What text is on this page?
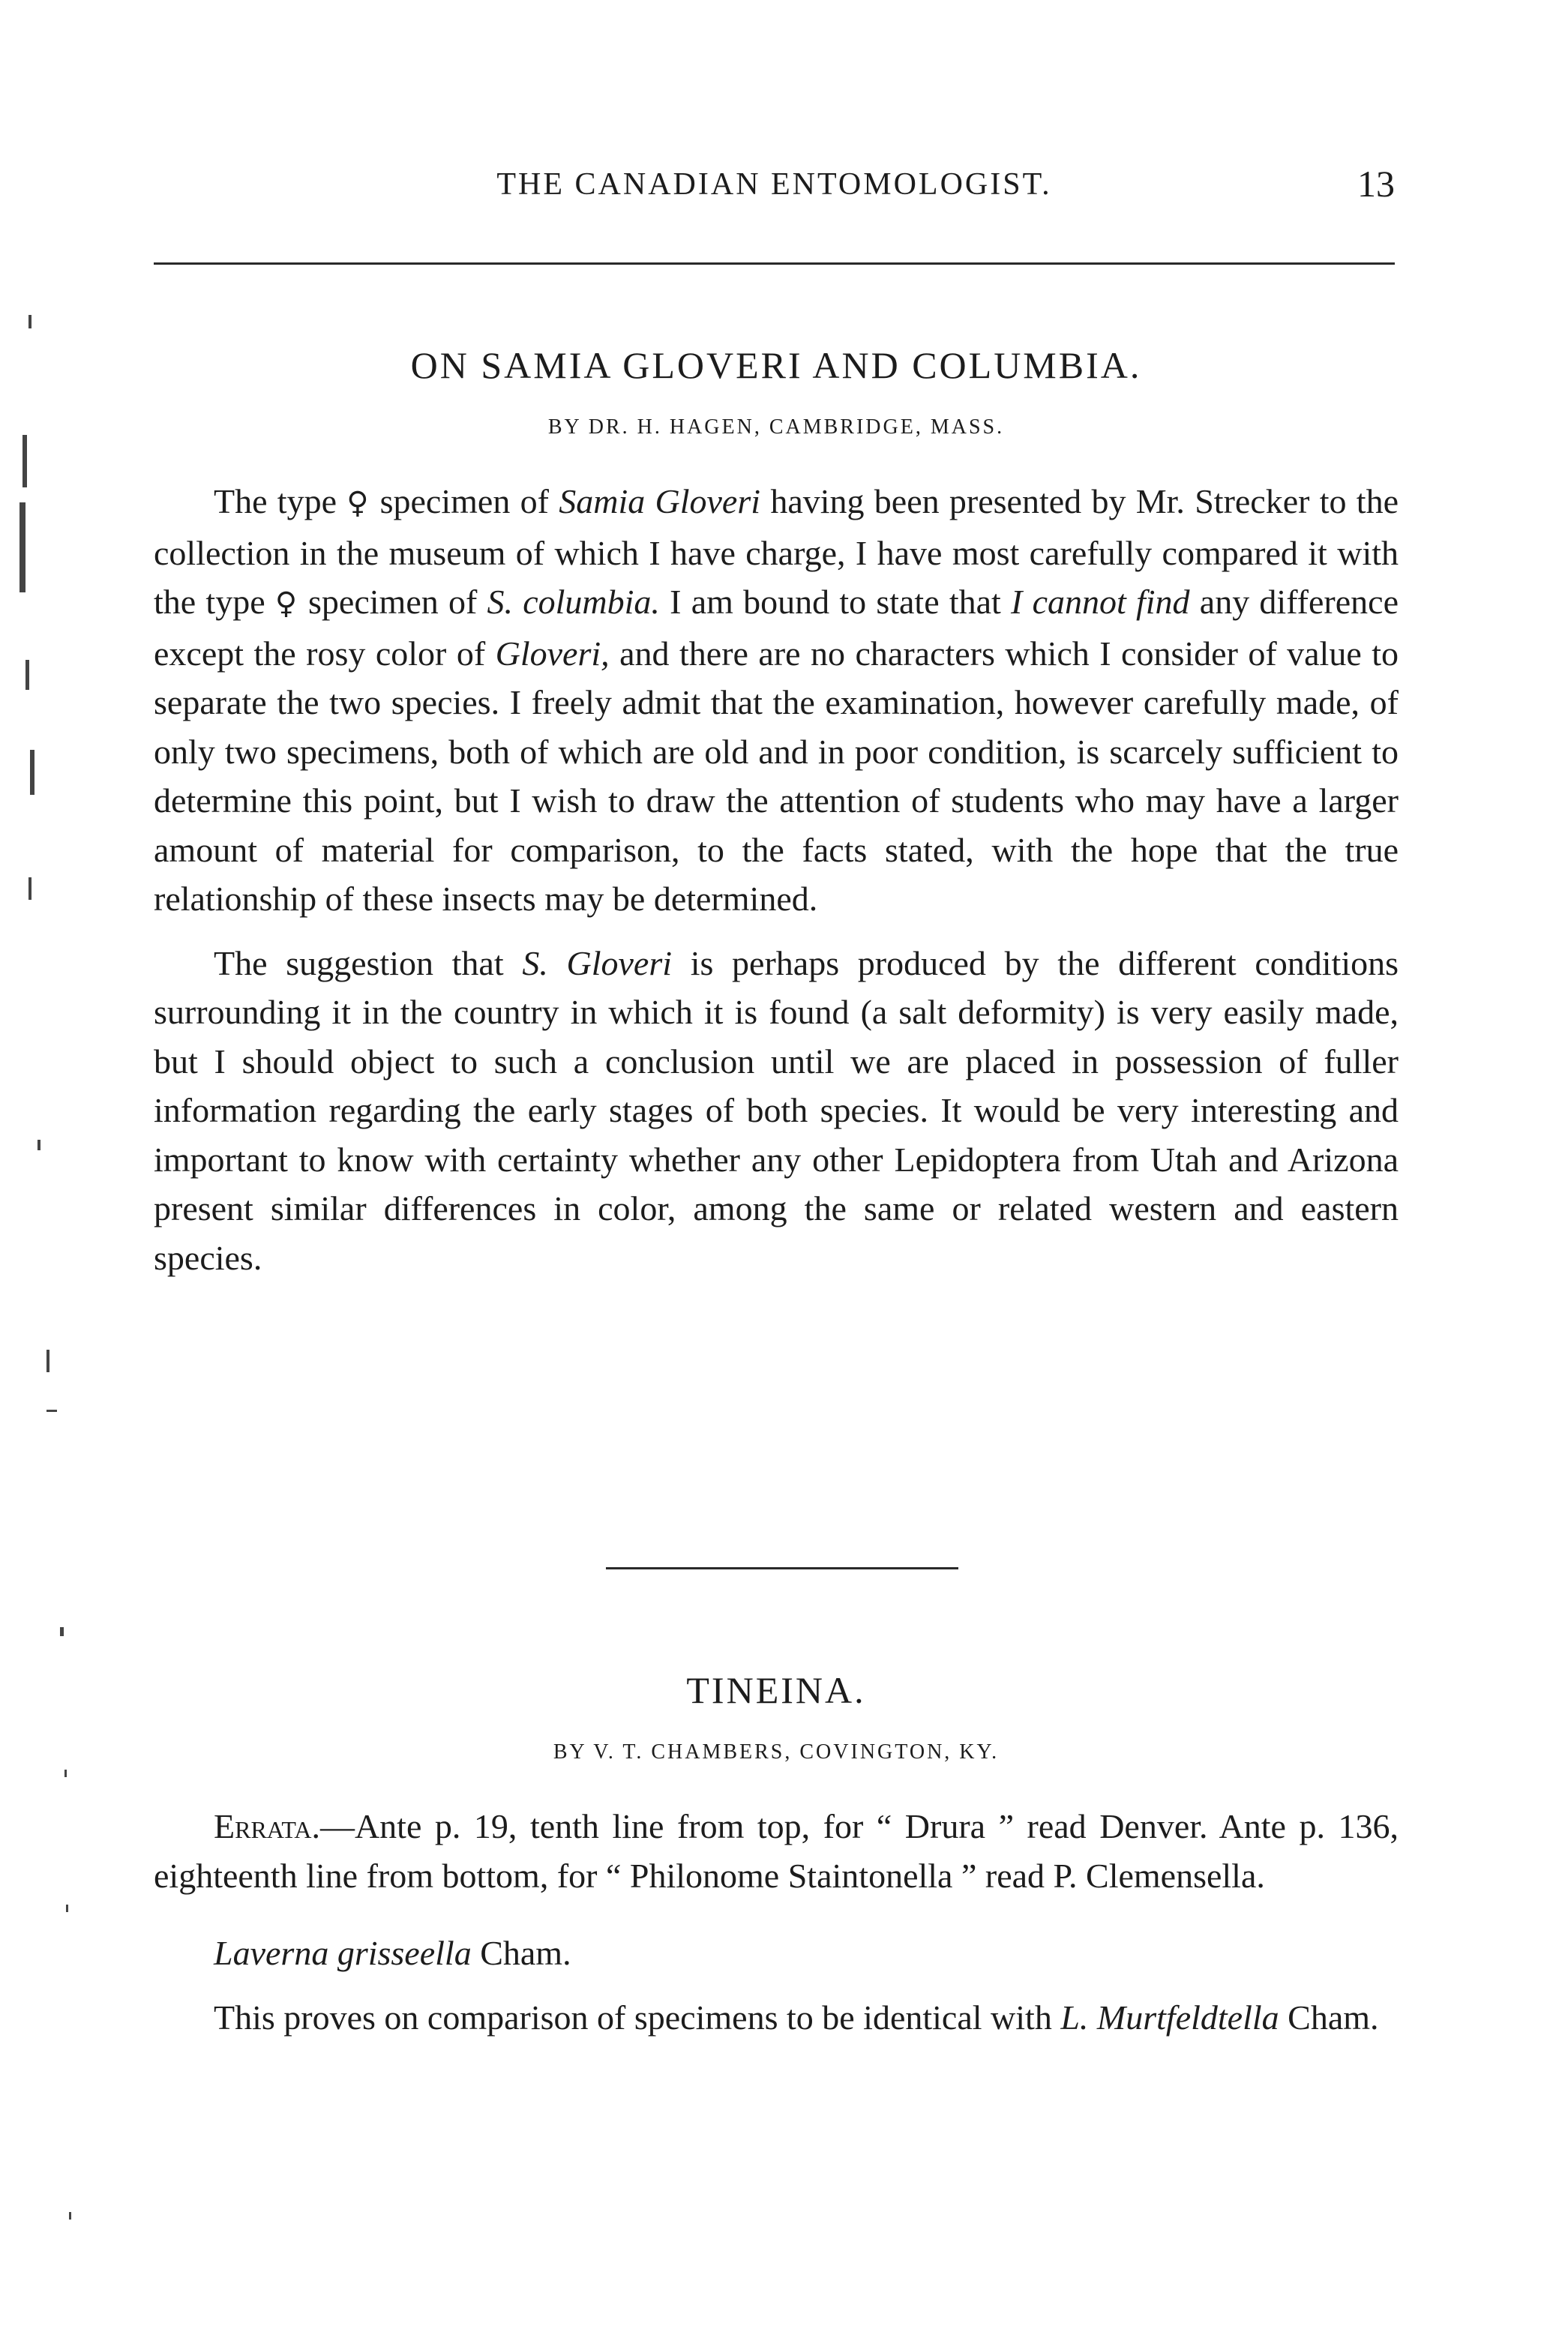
THE CANADIAN ENTOMOLOGIST.	13
ON SAMIA GLOVERI AND COLUMBIA.
BY DR. H. HAGEN, CAMBRIDGE, MASS.

The type ♀ specimen of Samia Gloveri having been presented by Mr. Strecker to the collection in the museum of which I have charge, I have most carefully compared it with the type ♀ specimen of S. columbia. I am bound to state that I cannot find any difference except the rosy color of Gloveri, and there are no characters which I consider of value to separate the two species. I freely admit that the examination, however carefully made, of only two specimens, both of which are old and in poor condition, is scarcely sufficient to determine this point, but I wish to draw the attention of students who may have a larger amount of material for comparison, to the facts stated, with the hope that the true relationship of these insects may be determined.

The suggestion that S. Gloveri is perhaps produced by the different conditions surrounding it in the country in which it is found (a salt deformity) is very easily made, but I should object to such a conclusion until we are placed in possession of fuller information regarding the early stages of both species. It would be very interesting and important to know with certainty whether any other Lepidoptera from Utah and Arizona present similar differences in color, among the same or related western and eastern species.

TINEINA.
BY V. T. CHAMBERS, COVINGTON, KY.

Errata.—Ante p. 19, tenth line from top, for “ Drura ” read Denver. Ante p. 136, eighteenth line from bottom, for “ Philonome Staintonella ” read P. Clemensella.

Laverna grisseella Cham.

This proves on comparison of specimens to be identical with L. Murtfeldtella Cham.
